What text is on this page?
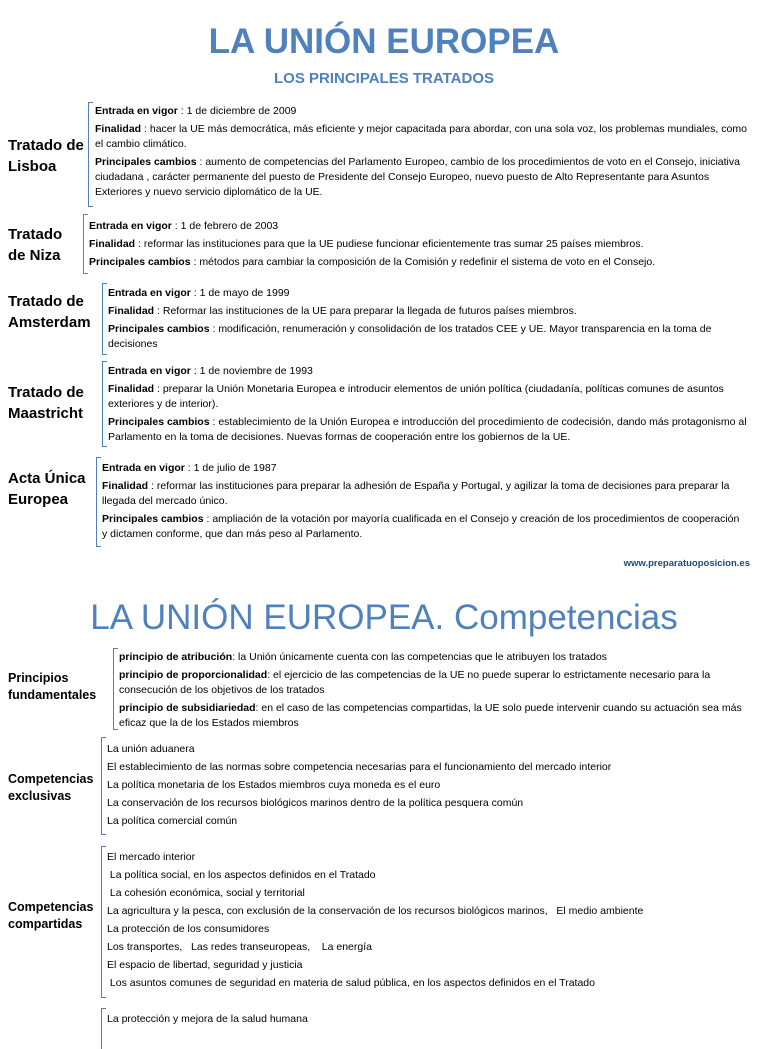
LA UNIÓN EUROPEA
LOS PRINCIPALES TRATADOS
Tratado de
Lisboa

Entrada en vigor : 1 de diciembre de 2009

Finalidad : hacer la UE más democrática, más eficiente y mejor capacitada para abordar, con una sola voz, los problemas mundiales, como el cambio climático.

Principales cambios : aumento de competencias del Parlamento Europeo, cambio de los procedimientos de voto en el Consejo, iniciativa ciudadana , carácter permanente del puesto de Presidente del Consejo Europeo, nuevo puesto de Alto Representante para Asuntos Exteriores y nuevo servicio diplomático de la UE.

Tratado
de Niza

Entrada en vigor : 1 de febrero de 2003

Finalidad : reformar las instituciones para que la UE pudiese funcionar eficientemente tras sumar 25 países miembros.

Principales cambios : métodos para cambiar la composición de la Comisión y redefinir el sistema de voto en el Consejo.

Tratado de
Amsterdam

Entrada en vigor : 1 de mayo de 1999

Finalidad : Reformar las instituciones de la UE para preparar la llegada de futuros países miembros.

Principales cambios : modificación, renumeración y consolidación de los tratados CEE y UE. Mayor transparencia en la toma de decisiones

Tratado de
Maastricht

Entrada en vigor : 1 de noviembre de 1993

Finalidad : preparar la Unión Monetaria Europea e introducir elementos de unión política (ciudadanía, políticas comunes de asuntos exteriores y de interior).

Principales cambios : establecimiento de la Unión Europea e introducción del procedimiento de codecisión, dando más protagonismo al Parlamento en la toma de decisiones. Nuevas formas de cooperación entre los gobiernos de la UE.

Acta Única
Europea

Entrada en vigor : 1 de julio de 1987

Finalidad : reformar las instituciones para preparar la adhesión de España y Portugal, y agilizar la toma de decisiones para preparar la llegada del mercado único.

Principales cambios : ampliación de la votación por mayoría cualificada en el Consejo y creación de los procedimientos de cooperación y dictamen conforme, que dan más peso al Parlamento.

www.preparatuoposicion.es
LA UNIÓN EUROPEA. Competencias
Principios
fundamentales

principio de atribución: la Unión únicamente cuenta con las competencias que le atribuyen los tratados

principio de proporcionalidad: el ejercicio de las competencias de la UE no puede superar lo estrictamente necesario para la consecución de los objetivos de los tratados

principio de subsidiariedad: en el caso de las competencias compartidas, la UE solo puede intervenir cuando su actuación sea más eficaz que la de los Estados miembros

Competencias
exclusivas

La unión aduanera

El establecimiento de las normas sobre competencia necesarias para el funcionamiento del mercado interior

La política monetaria de los Estados miembros cuya moneda es el euro

La conservación de los recursos biológicos marinos dentro de la política pesquera común

La política comercial común

Competencias
compartidas

El mercado interior

La política social, en los aspectos definidos en el Tratado

La cohesión económica, social y territorial

La agricultura y la pesca, con exclusión de la conservación de los recursos biológicos marinos,   El medio ambiente

La protección de los consumidores

Los transportes,   Las redes transeuropeas,    La energía

El espacio de libertad, seguridad y justicia

Los asuntos comunes de seguridad en materia de salud pública, en los aspectos definidos en el Tratado

La protección y mejora de la salud humana
